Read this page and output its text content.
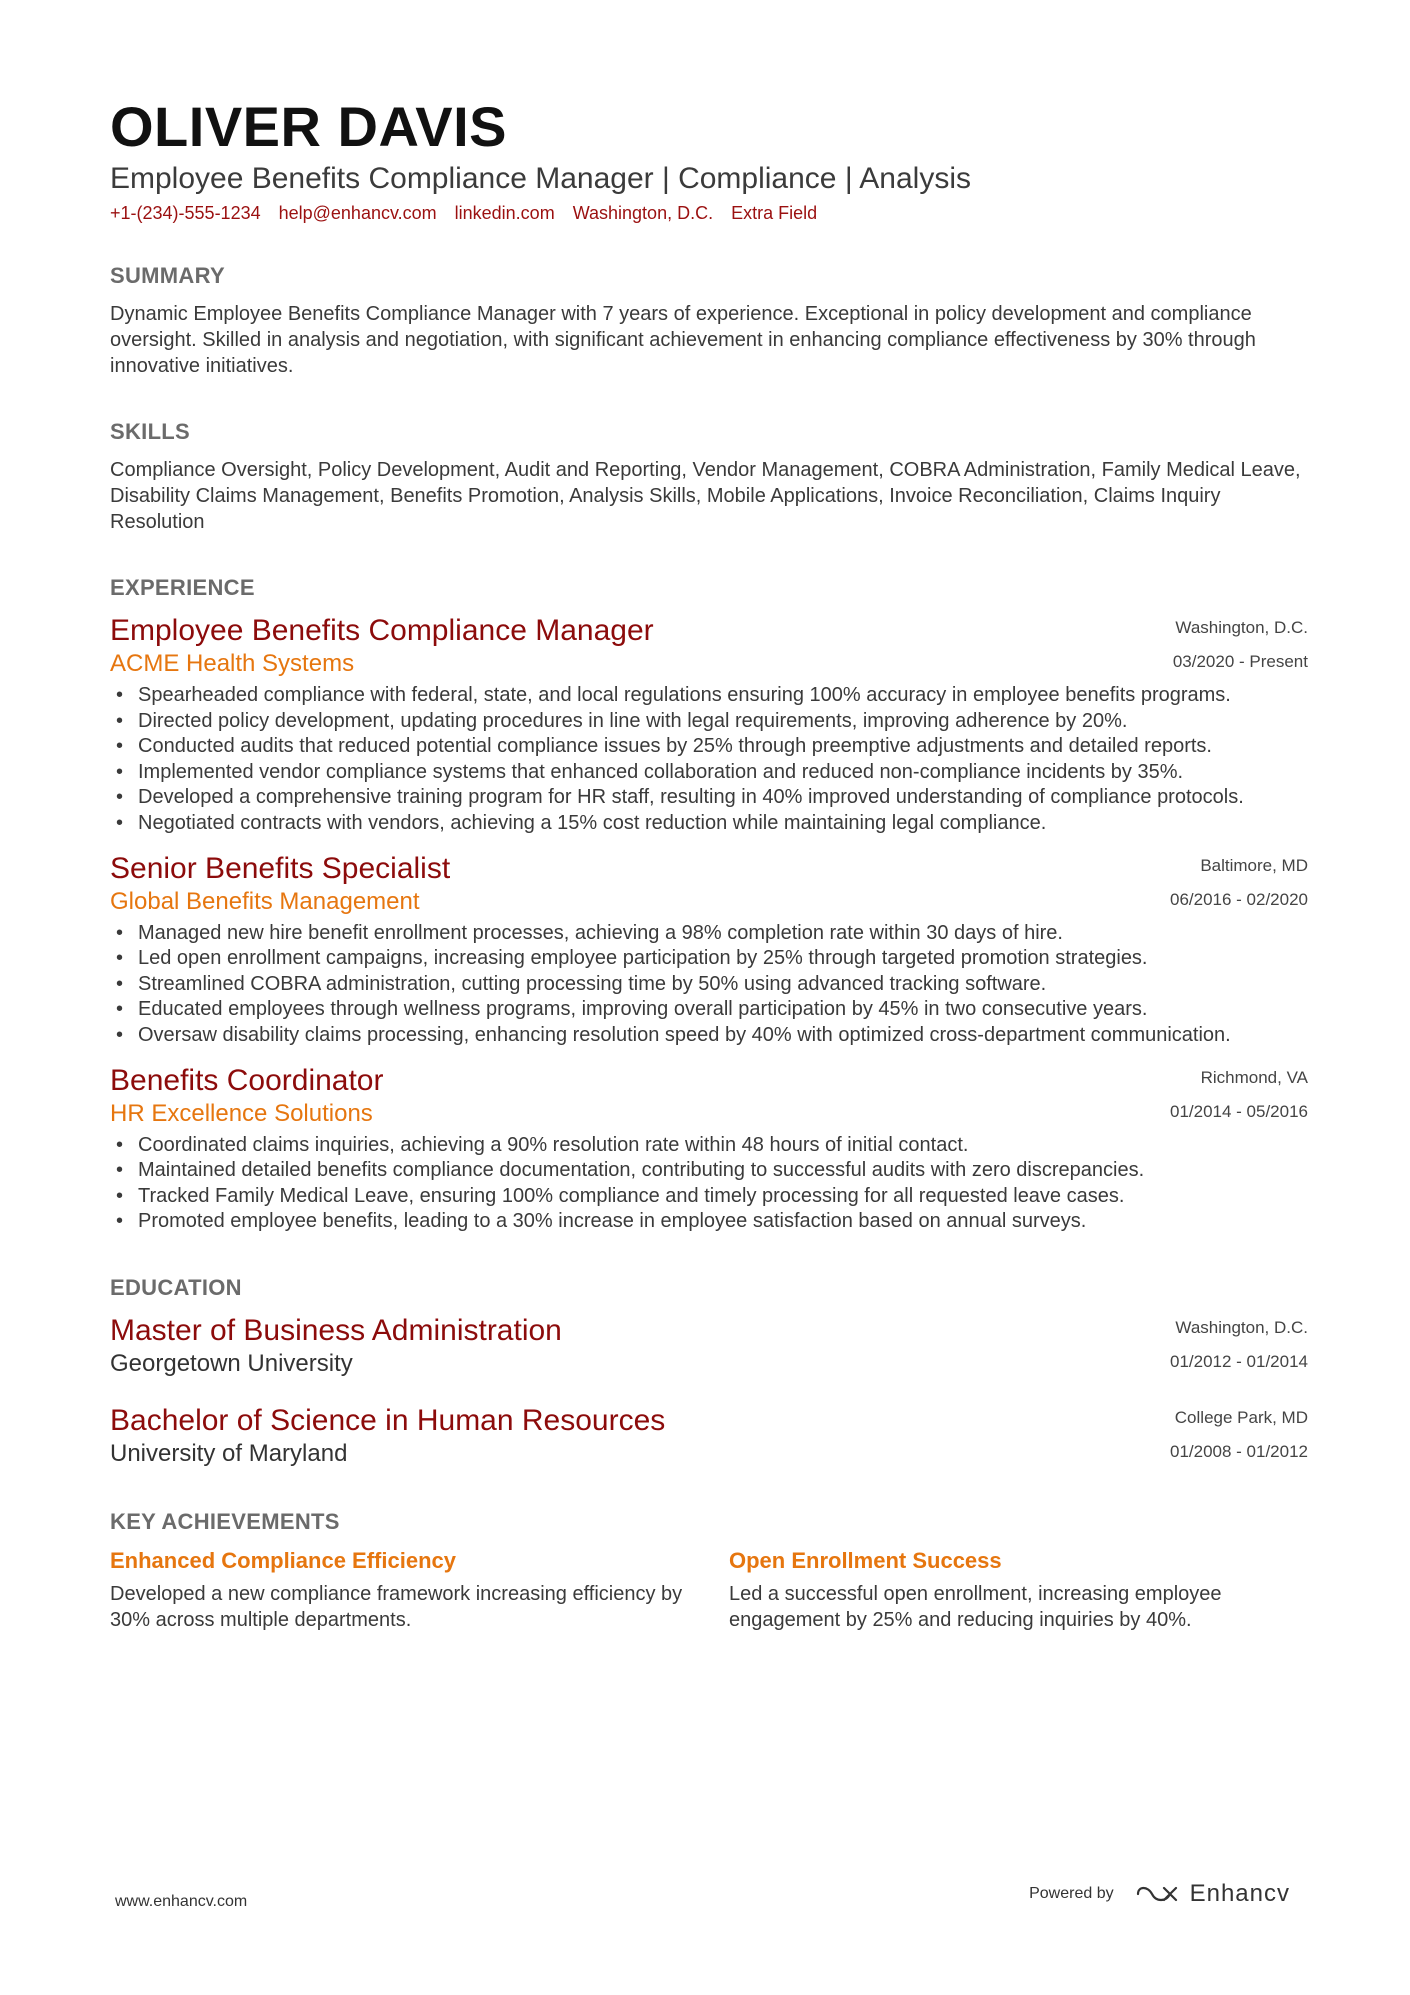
OLIVER DAVIS
Employee Benefits Compliance Manager | Compliance | Analysis
+1-(234)-555-1234 help@enhancv.com linkedin.com Washington, D.C. Extra Field
SUMMARY

Dynamic Employee Benefits Compliance Manager with 7 years of experience. Exceptional in policy development and compliance oversight. Skilled in analysis and negotiation, with significant achievement in enhancing compliance effectiveness by 30% through innovative initiatives.

SKILLS

Compliance Oversight, Policy Development, Audit and Reporting, Vendor Management, COBRA Administration, Family Medical Leave, Disability Claims Management, Benefits Promotion, Analysis Skills, Mobile Applications, Invoice Reconciliation, Claims Inquiry Resolution

EXPERIENCE
Employee Benefits Compliance Manager	Washington, D.C.
ACME Health Systems	03/2020 - Present
• Spearheaded compliance with federal, state, and local regulations ensuring 100% accuracy in employee benefits programs.
• Directed policy development, updating procedures in line with legal requirements, improving adherence by 20%.
• Conducted audits that reduced potential compliance issues by 25% through preemptive adjustments and detailed reports.
• Implemented vendor compliance systems that enhanced collaboration and reduced non-compliance incidents by 35%.
• Developed a comprehensive training program for HR staff, resulting in 40% improved understanding of compliance protocols.
• Negotiated contracts with vendors, achieving a 15% cost reduction while maintaining legal compliance.
Senior Benefits Specialist	Baltimore, MD
Global Benefits Management	06/2016 - 02/2020
• Managed new hire benefit enrollment processes, achieving a 98% completion rate within 30 days of hire.
• Led open enrollment campaigns, increasing employee participation by 25% through targeted promotion strategies.
• Streamlined COBRA administration, cutting processing time by 50% using advanced tracking software.
• Educated employees through wellness programs, improving overall participation by 45% in two consecutive years.
• Oversaw disability claims processing, enhancing resolution speed by 40% with optimized cross-department communication.
Benefits Coordinator	Richmond, VA
HR Excellence Solutions	01/2014 - 05/2016
• Coordinated claims inquiries, achieving a 90% resolution rate within 48 hours of initial contact.
• Maintained detailed benefits compliance documentation, contributing to successful audits with zero discrepancies.
• Tracked Family Medical Leave, ensuring 100% compliance and timely processing for all requested leave cases.
• Promoted employee benefits, leading to a 30% increase in employee satisfaction based on annual surveys.
EDUCATION
Master of Business Administration	Washington, D.C.
Georgetown University	01/2012 - 01/2014
Bachelor of Science in Human Resources	College Park, MD
University of Maryland	01/2008 - 01/2012
KEY ACHIEVEMENTS
Enhanced Compliance Efficiency

Developed a new compliance framework increasing efficiency by 30% across multiple departments.

Open Enrollment Success

Led a successful open enrollment, increasing employee engagement by 25% and reducing inquiries by 40%.

www.enhancv.com	Powered by	Enhancv
